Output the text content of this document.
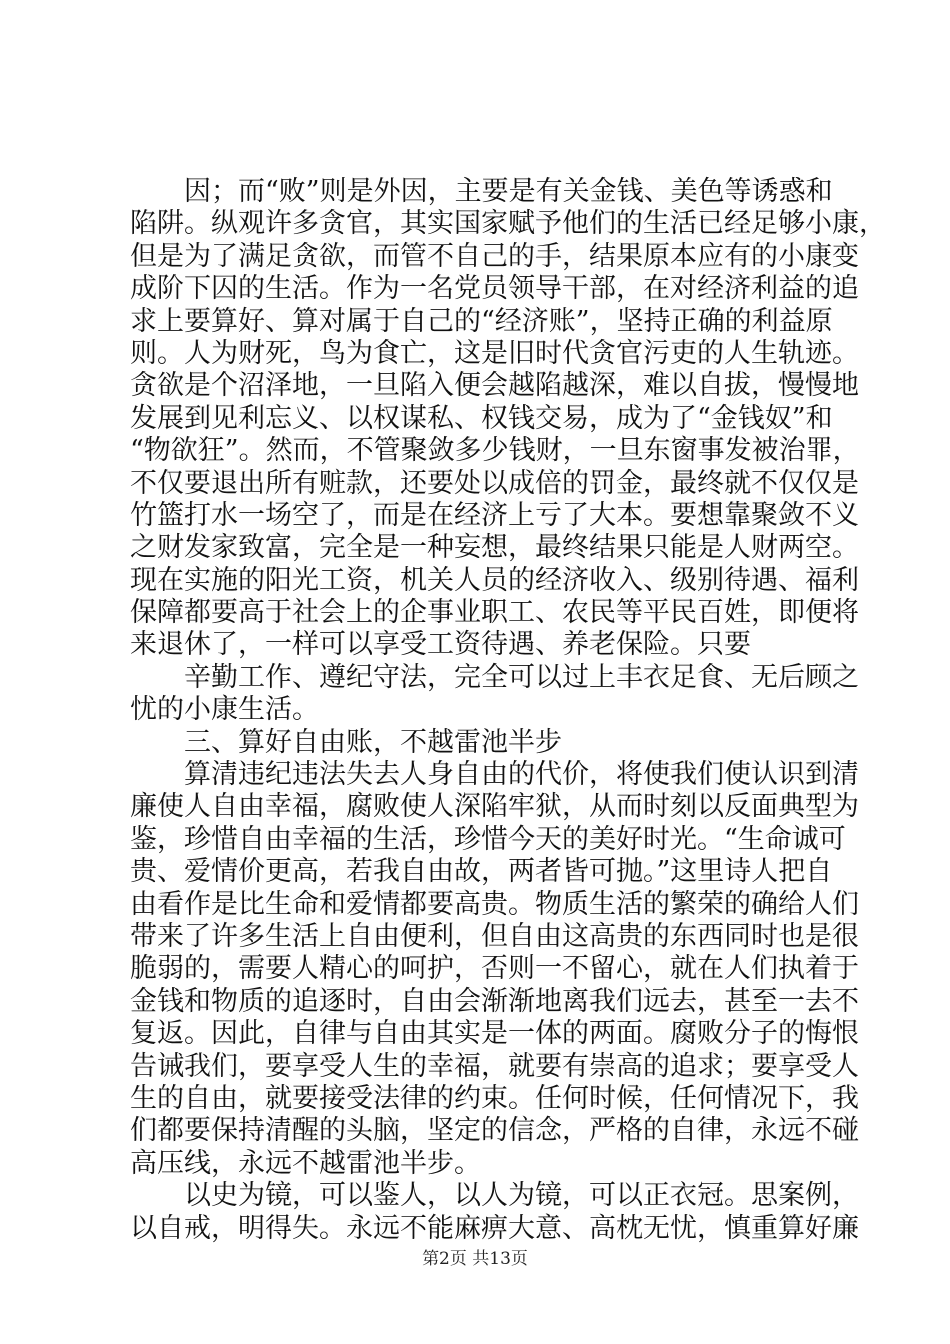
因；而“败”则是外因，主要是有关金钱、美色等诱惑和
陷阱。纵观许多贪官，其实国家赋予他们的生活已经足够小康，
但是为了满足贪欲，而管不自己的手，结果原本应有的小康变
成阶下囚的生活。作为一名党员领导干部，在对经济利益的追
求上要算好、算对属于自己的“经济账”，坚持正确的利益原
则。人为财死，鸟为食亡，这是旧时代贪官污吏的人生轨迹。
贪欲是个沼泽地，一旦陷入便会越陷越深，难以自拔，慢慢地
发展到见利忘义、以权谋私、权钱交易，成为了“金钱奴”和
“物欲狂”。然而，不管聚敛多少钱财，一旦东窗事发被治罪，
不仅要退出所有赃款，还要处以成倍的罚金，最终就不仅仅是
竹篮打水一场空了，而是在经济上亏了大本。要想靠聚敛不义
之财发家致富，完全是一种妄想，最终结果只能是人财两空。
现在实施的阳光工资，机关人员的经济收入、级别待遇、福利
保障都要高于社会上的企事业职工、农民等平民百姓，即便将
来退休了，一样可以享受工资待遇、养老保险。只要
辛勤工作、遵纪守法，完全可以过上丰衣足食、无后顾之
忧的小康生活。
三、算好自由账，不越雷池半步
算清违纪违法失去人身自由的代价，将使我们使认识到清
廉使人自由幸福，腐败使人深陷牢狱，从而时刻以反面典型为
鉴，珍惜自由幸福的生活，珍惜今天的美好时光。“生命诚可
贵、爱情价更高，若我自由故，两者皆可抛。”这里诗人把自
由看作是比生命和爱情都要高贵。物质生活的繁荣的确给人们
带来了许多生活上自由便利，但自由这高贵的东西同时也是很
脆弱的，需要人精心的呵护，否则一不留心，就在人们执着于
金钱和物质的追逐时，自由会渐渐地离我们远去，甚至一去不
复返。因此，自律与自由其实是一体的两面。腐败分子的悔恨
告诫我们，要享受人生的幸福，就要有崇高的追求；要享受人
生的自由，就要接受法律的约束。任何时候，任何情况下，我
们都要保持清醒的头脑，坚定的信念，严格的自律，永远不碰
高压线，永远不越雷池半步。
以史为镜，可以鉴人，以人为镜，可以正衣冠。思案例，
以自戒，明得失。永远不能麻痹大意、高枕无忧，慎重算好廉
第2页 共13页
